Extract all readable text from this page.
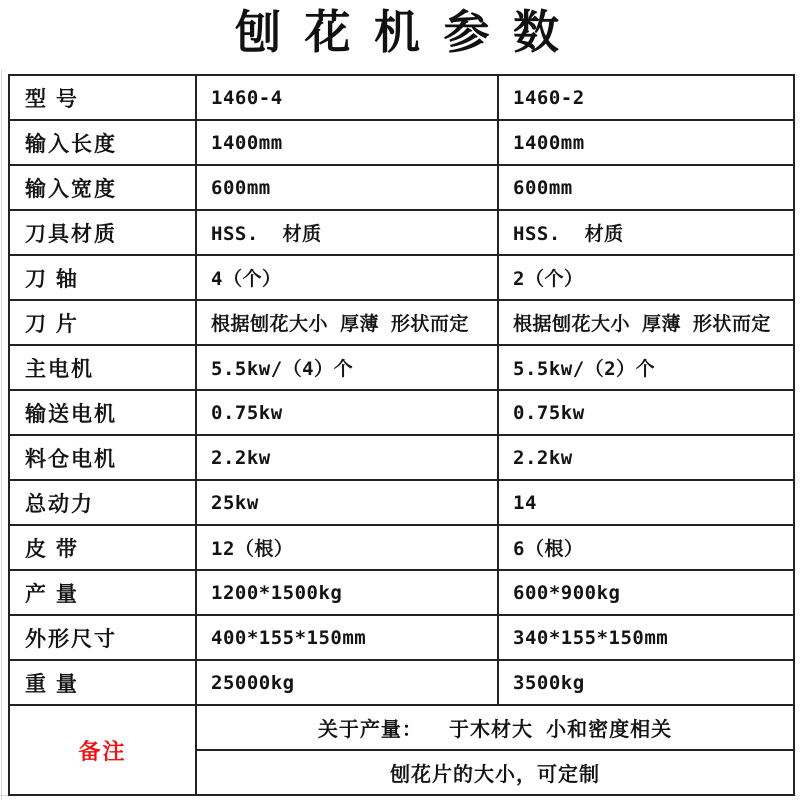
刨 花 机 参 数
型 号	1460-4	1460-2
输入长度	1400mm	1400mm
输入宽度	600mm	600mm
刀具材质	HSS.  材质	HSS.  材质
刀 轴	4（个）	2（个）
刀 片	根据刨花大小 厚薄 形状而定	根据刨花大小 厚薄 形状而定
主电机	5.5kw/（4）个	5.5kw/（2）个
输送电机	0.75kw	0.75kw
料仓电机	2.2kw	2.2kw
总动力	25kw	14
皮 带	12（根）	6（根）
产 量	1200*1500kg	600*900kg
外形尺寸	400*155*150mm	340*155*150mm
重 量	25000kg	3500kg
备注	关于产量：    于木材大  小和密度相关	
	刨花片的大小，可定制	
